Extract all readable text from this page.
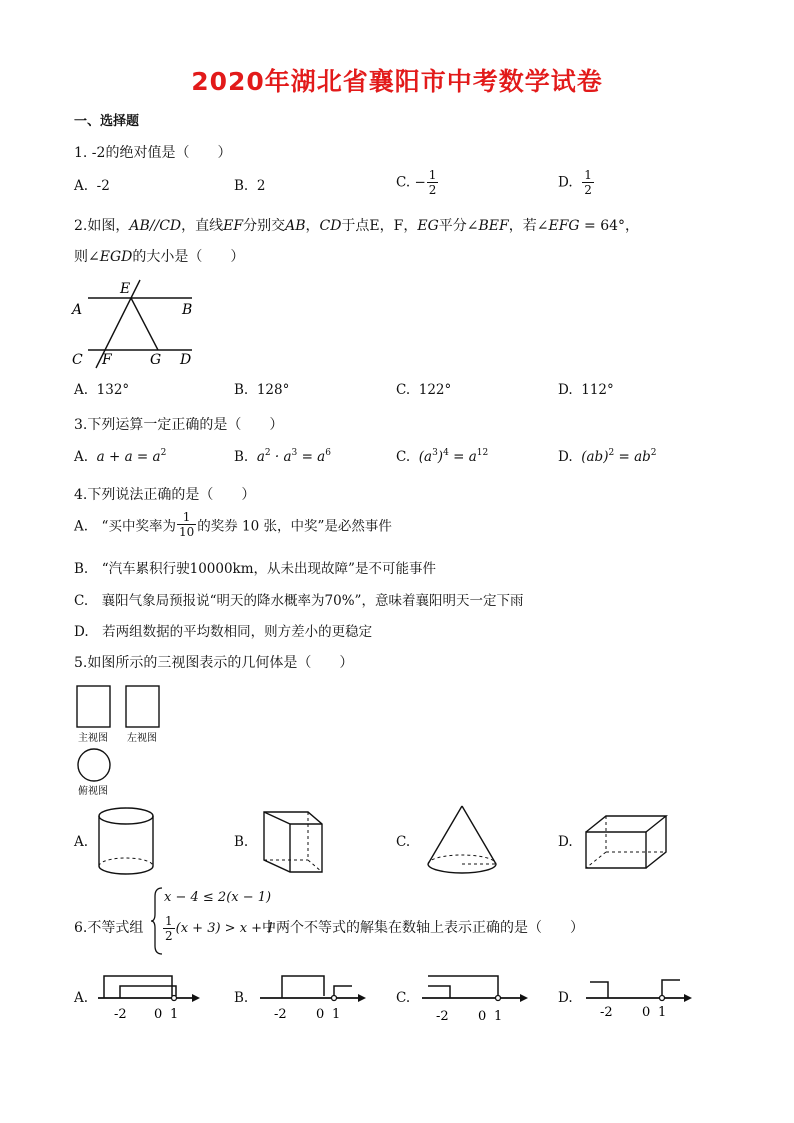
2020年湖北省襄阳市中考数学试卷
一、选择题
1. -2的绝对值是（　　）
A. -2	B. 2	C. − $\frac{1}{2}$	D. $\frac{1}{2}$
2.如图，AB//CD，直线EF分别交AB，CD于点E，F，EG平分∠BEF，若∠EFG = 64°，
则∠EGD的大小是（　　）
A	B
C	D
E
F	G
A. 132°	B. 128°	C. 122°	D. 112°
3.下列运算一定正确的是（　　）
A. $a + a = a^2$	B. $a^2 \cdot a^3 = a^6$	C. $(a^3)^4 = a^{12}$	D. $(ab)^2 = ab^2$
4.下列说法正确的是（　　）
A.　“买中奖率为 $\frac{1}{10}$ 的奖券 10 张，中奖”是必然事件
B.　“汽车累积行驶10000km，从未出现故障”是不可能事件
C.　襄阳气象局预报说“明天的降水概率为70%”，意味着襄阳明天一定下雨
D.　若两组数据的平均数相同，则方差小的更稳定
5.如图所示的三视图表示的几何体是（　　）
主视图 左视图
俯视图
A.	B.	C.	D.
6.不等式组
x − 4 ≤ 2(x − 1)
$\frac{1}{2} (x + 3) > x + 1$
中两个不等式的解集在数轴上表示正确的是（　　）
A.
-2 0 1
B.
-2 0 1
C.
-2 0 1
D.
-2 0 1
